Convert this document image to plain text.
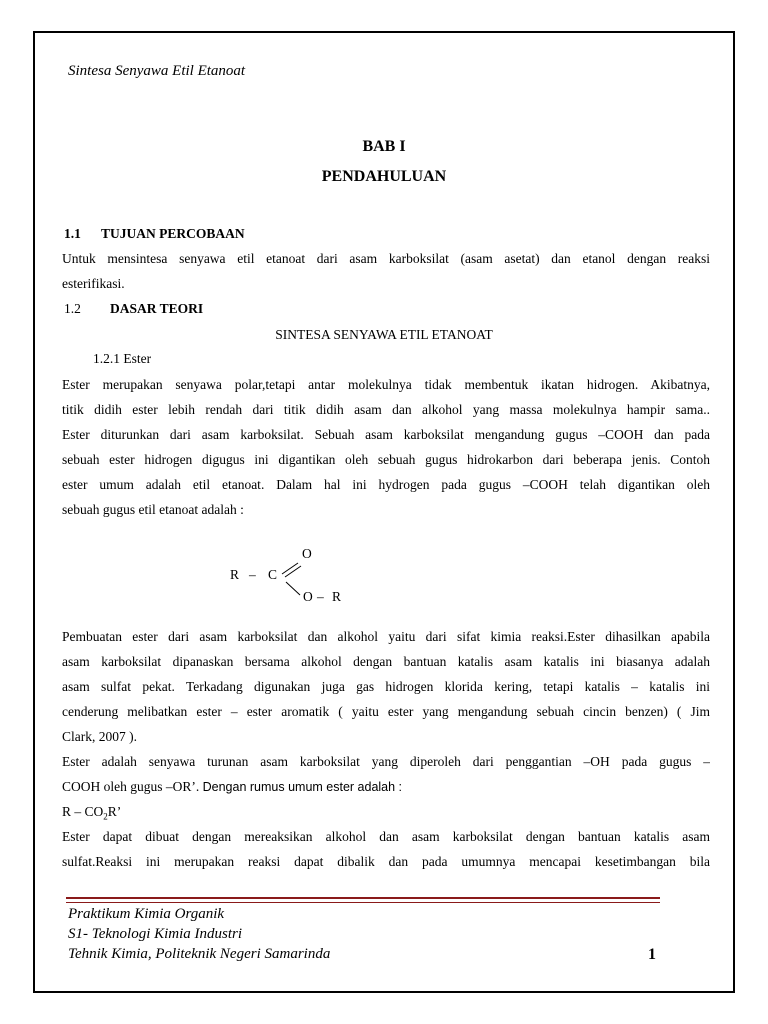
Sintesa Senyawa Etil Etanoat
BAB I
PENDAHULUAN
1.1 TUJUAN PERCOBAAN
Untuk mensintesa senyawa etil etanoat dari asam karboksilat (asam asetat) dan etanol dengan reaksi
esterifikasi.
1.2 DASAR TEORI
SINTESA SENYAWA ETIL ETANOAT
1.2.1 Ester
Ester merupakan senyawa polar,tetapi antar molekulnya tidak membentuk ikatan hidrogen. Akibatnya,
titik didih ester lebih rendah dari titik didih asam dan alkohol yang massa molekulnya hampir sama..
Ester diturunkan dari asam karboksilat. Sebuah asam karboksilat mengandung gugus –COOH dan pada
sebuah ester hidrogen digugus ini digantikan oleh sebuah gugus hidrokarbon dari beberapa jenis. Contoh
ester umum adalah etil etanoat. Dalam hal ini hydrogen pada gugus –COOH telah digantikan oleh
sebuah gugus etil etanoat adalah :
O
R – C
O – R
Pembuatan ester dari asam karboksilat dan alkohol yaitu dari sifat kimia reaksi.Ester dihasilkan apabila
asam karboksilat dipanaskan bersama alkohol dengan bantuan katalis asam katalis ini biasanya adalah
asam sulfat pekat. Terkadang digunakan juga gas hidrogen klorida kering, tetapi katalis – katalis ini
cenderung melibatkan ester – ester aromatik ( yaitu ester yang mengandung sebuah cincin benzen) ( Jim
Clark, 2007 ).
Ester adalah senyawa turunan asam karboksilat yang diperoleh dari penggantian –OH pada gugus –
COOH oleh gugus –OR’. Dengan rumus umum ester adalah :
R – $CO_2R$’
Ester dapat dibuat dengan mereaksikan alkohol dan asam karboksilat dengan bantuan katalis asam
sulfat.Reaksi ini merupakan reaksi dapat dibalik dan pada umumnya mencapai kesetimbangan bila
Praktikum Kimia Organik
S1- Teknologi Kimia Industri
Tehnik Kimia, Politeknik Negeri Samarinda	1
